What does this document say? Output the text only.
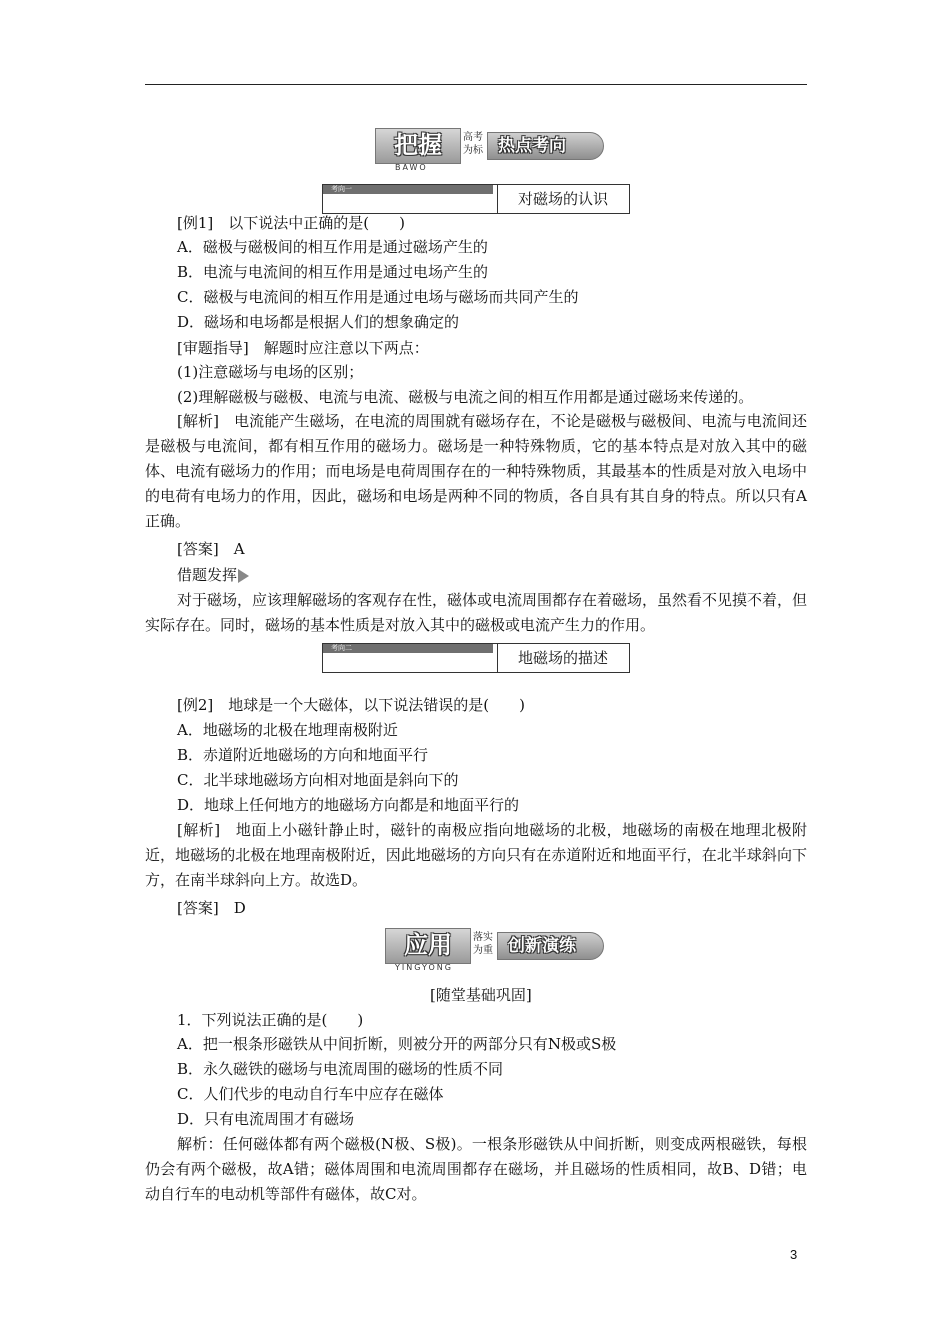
把握	高考
为标 热点考向
BAWO
考向一
对磁场的认识
[例1]　以下说法中正确的是(　　)
A．磁极与磁极间的相互作用是通过磁场产生的
B．电流与电流间的相互作用是通过电场产生的
C．磁极与电流间的相互作用是通过电场与磁场而共同产生的
D．磁场和电场都是根据人们的想象确定的
[审题指导]　解题时应注意以下两点：
(1)注意磁场与电场的区别；
(2)理解磁极与磁极、电流与电流、磁极与电流之间的相互作用都是通过磁场来传递的。
[解析]　电流能产生磁场，在电流的周围就有磁场存在，不论是磁极与磁极间、电流与电流间还是磁极与电流间，都有相互作用的磁场力。磁场是一种特殊物质，它的基本特点是对放入其中的磁体、电流有磁场力的作用；而电场是电荷周围存在的一种特殊物质，其最基本的性质是对放入电场中的电荷有电场力的作用，因此，磁场和电场是两种不同的物质，各自具有其自身的特点。所以只有A正确。
[答案]　A
借题发挥
对于磁场，应该理解磁场的客观存在性，磁体或电流周围都存在着磁场，虽然看不见摸不着，但实际存在。同时，磁场的基本性质是对放入其中的磁极或电流产生力的作用。
考向二
地磁场的描述
[例2]　地球是一个大磁体，以下说法错误的是(　　)
A．地磁场的北极在地理南极附近
B．赤道附近地磁场的方向和地面平行
C．北半球地磁场方向相对地面是斜向下的
D．地球上任何地方的地磁场方向都是和地面平行的
[解析]　地面上小磁针静止时，磁针的南极应指向地磁场的北极，地磁场的南极在地理北极附近，地磁场的北极在地理南极附近，因此地磁场的方向只有在赤道附近和地面平行，在北半球斜向下方，在南半球斜向上方。故选D。
[答案]　D
应用	落实
为重 创新演练
YINGYONG
[随堂基础巩固]
1．下列说法正确的是(　　)
A．把一根条形磁铁从中间折断，则被分开的两部分只有N极或S极
B．永久磁铁的磁场与电流周围的磁场的性质不同
C．人们代步的电动自行车中应存在磁体
D．只有电流周围才有磁场
解析：任何磁体都有两个磁极(N极、S极)。一根条形磁铁从中间折断，则变成两根磁铁，每根仍会有两个磁极，故A错；磁体周围和电流周围都存在磁场，并且磁场的性质相同，故B、D错；电动自行车的电动机等部件有磁体，故C对。
3
